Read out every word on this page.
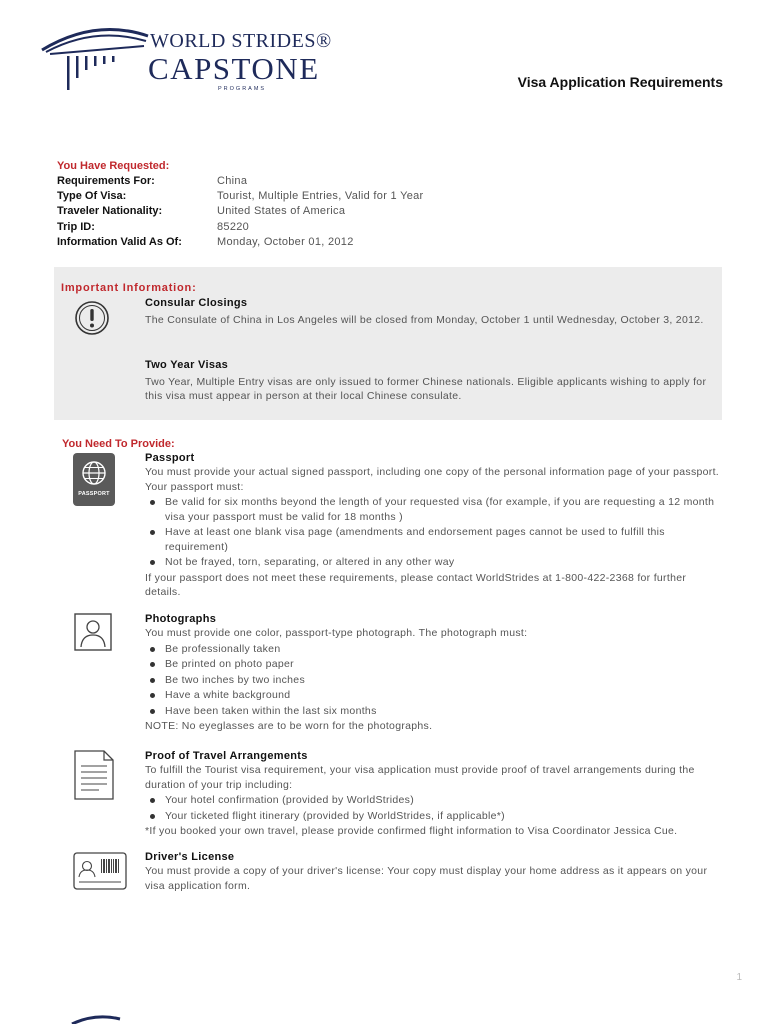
WORLD STRIDES®
CAPSTONE
PROGRAMS	Visa Application Requirements
You Have Requested:
Requirements For:	China
Type Of Visa:	Tourist, Multiple Entries, Valid for 1 Year
Traveler Nationality:	United States of America
Trip ID:	85220
Information Valid As Of:	Monday, October 01, 2012
Important Information:
Consular Closings
The Consulate of China in Los Angeles will be closed from Monday, October 1 until Wednesday, October 3, 2012.
Two Year Visas
Two Year, Multiple Entry visas are only issued to former Chinese nationals. Eligible applicants wishing to apply for this visa must appear in person at their local Chinese consulate.
You Need To Provide:
PASSPORT
Passport
You must provide your actual signed passport, including one copy of the personal information page of your passport. Your passport must:
Be valid for six months beyond the length of your requested visa (for example, if you are requesting a 12 month visa your passport must be valid for 18 months )
Have at least one blank visa page (amendments and endorsement pages cannot be used to fulfill this requirement)
Not be frayed, torn, separating, or altered in any other way
If your passport does not meet these requirements, please contact WorldStrides at 1-800-422-2368 for further details.
Photographs
You must provide one color, passport-type photograph. The photograph must:
Be professionally taken
Be printed on photo paper
Be two inches by two inches
Have a white background
Have been taken within the last six months
NOTE: No eyeglasses are to be worn for the photographs.
Proof of Travel Arrangements
To fulfill the Tourist visa requirement, your visa application must provide proof of travel arrangements during the duration of your trip including:
Your hotel confirmation (provided by WorldStrides)
Your ticketed flight itinerary (provided by WorldStrides, if applicable*)
*If you booked your own travel, please provide confirmed flight information to Visa Coordinator Jessica Cue.
Driver's License
You must provide a copy of your driver's license: Your copy must display your home address as it appears on your visa application form.
1
